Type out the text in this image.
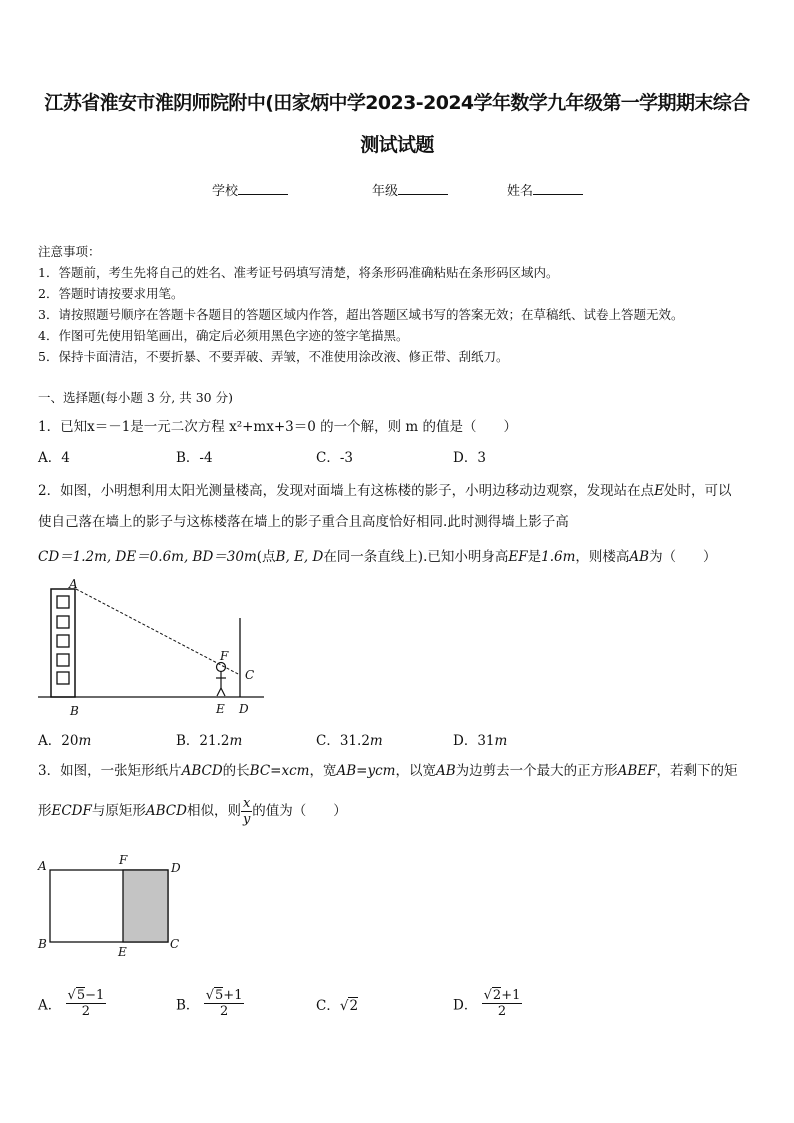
江苏省淮安市淮阴师院附中(田家炳中学2023-2024学年数学九年级第一学期期末综合
测试试题
学校	年级	姓名
注意事项：
1．答题前，考生先将自己的姓名、准考证号码填写清楚，将条形码准确粘贴在条形码区域内。
2．答题时请按要求用笔。
3．请按照题号顺序在答题卡各题目的答题区域内作答，超出答题区域书写的答案无效；在草稿纸、试卷上答题无效。
4．作图可先使用铅笔画出，确定后必须用黑色字迹的签字笔描黑。
5．保持卡面清洁，不要折暴、不要弄破、弄皱，不准使用涂改液、修正带、刮纸刀。
一、选择题(每小题 3 分, 共 30 分)
1．已知x＝－1是一元二次方程 x²+mx+3＝0 的一个解，则 m 的值是（　　）
A．4	B．-4	C．-3	D．3
2．如图，小明想利用太阳光测量楼高，发现对面墙上有这栋楼的影子，小明边移动边观察，发现站在点E处时，可以
使自己落在墙上的影子与这栋楼落在墙上的影子重合且高度恰好相同.此时测得墙上影子高
CD＝1.2m, DE＝0.6m, BD＝30m(点B, E, D在同一条直线上).已知小明身高EF是1.6m，则楼高AB为（　　）
A
F
C
B	E D
A．20m	B．21.2m	C．31.2m	D．31m
3．如图，一张矩形纸片ABCD的长BC=xcm，宽AB=ycm，以宽AB为边剪去一个最大的正方形ABEF，若剩下的矩
形ECDF与原矩形ABCD相似，则 $\frac{x}{y}$ 的值为（　　）
A	F
D
B
E
C
A． $\frac{√5-1}{2}$	B． $\frac{√5+1}{2}$	C．√2	D． $\frac{√2+1}{2}$
